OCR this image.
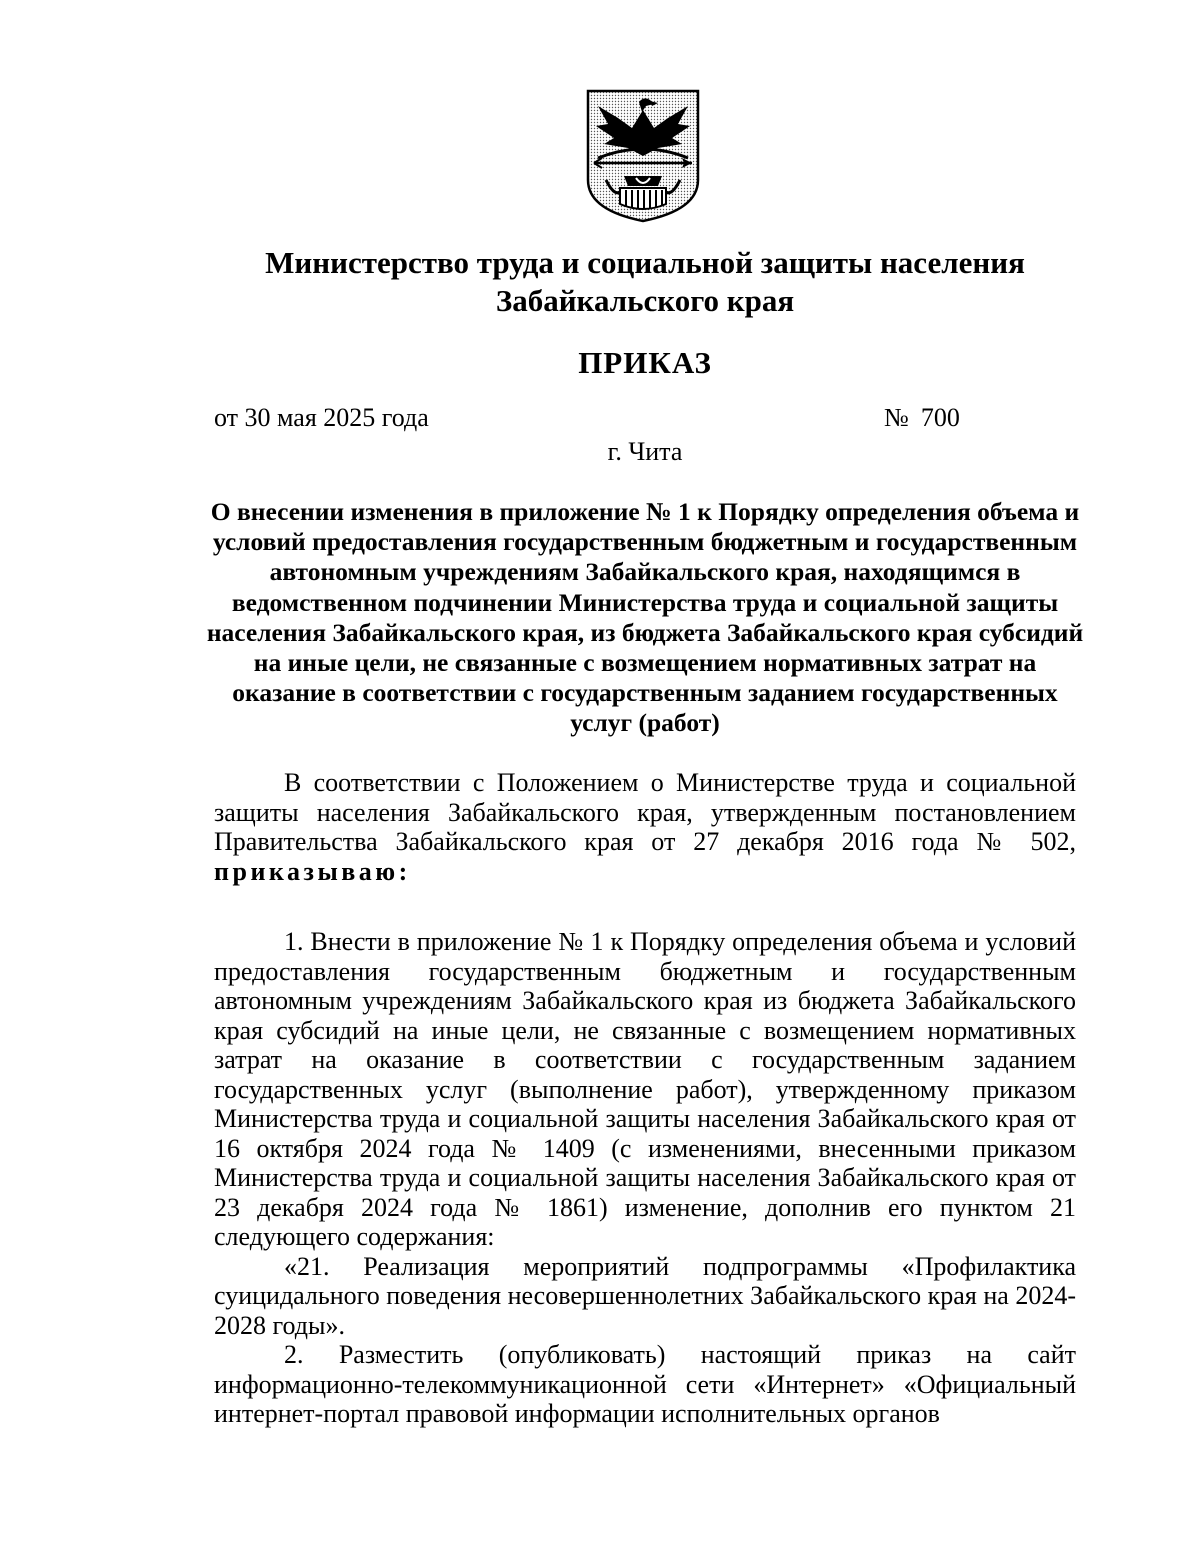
Министерство труда и социальной защиты населения
Забайкальского края
ПРИКАЗ
от 30 мая 2025 года	№ 700
г. Чита

О внесении изменения в приложение № 1 к Порядку определения объема и условий предоставления государственным бюджетным и государственным автономным учреждениям Забайкальского края, находящимся в ведомственном подчинении Министерства труда и социальной защиты населения Забайкальского края, из бюджета Забайкальского края субсидий на иные цели, не связанные с возмещением нормативных затрат на оказание в соответствии с государственным заданием государственных услуг (работ)

В соответствии с Положением о Министерстве труда и социальной защиты населения Забайкальского края, утвержденным постановлением Правительства Забайкальского края от 27 декабря 2016 года № 502, приказываю:

1. Внести в приложение № 1 к Порядку определения объема и условий предоставления государственным бюджетным и государственным автономным учреждениям Забайкальского края из бюджета Забайкальского края субсидий на иные цели, не связанные с возмещением нормативных затрат на оказание в соответствии с государственным заданием государственных услуг (выполнение работ), утвержденному приказом Министерства труда и социальной защиты населения Забайкальского края от 16 октября 2024 года № 1409 (с изменениями, внесенными приказом Министерства труда и социальной защиты населения Забайкальского края от 23 декабря 2024 года № 1861) изменение, дополнив его пунктом 21 следующего содержания:

«21. Реализация мероприятий подпрограммы «Профилактика суицидального поведения несовершеннолетних Забайкальского края на 2024-2028 годы».

2. Разместить (опубликовать) настоящий приказ на сайт информационно-телекоммуникационной сети «Интернет» «Официальный интернет-портал правовой информации исполнительных органов
